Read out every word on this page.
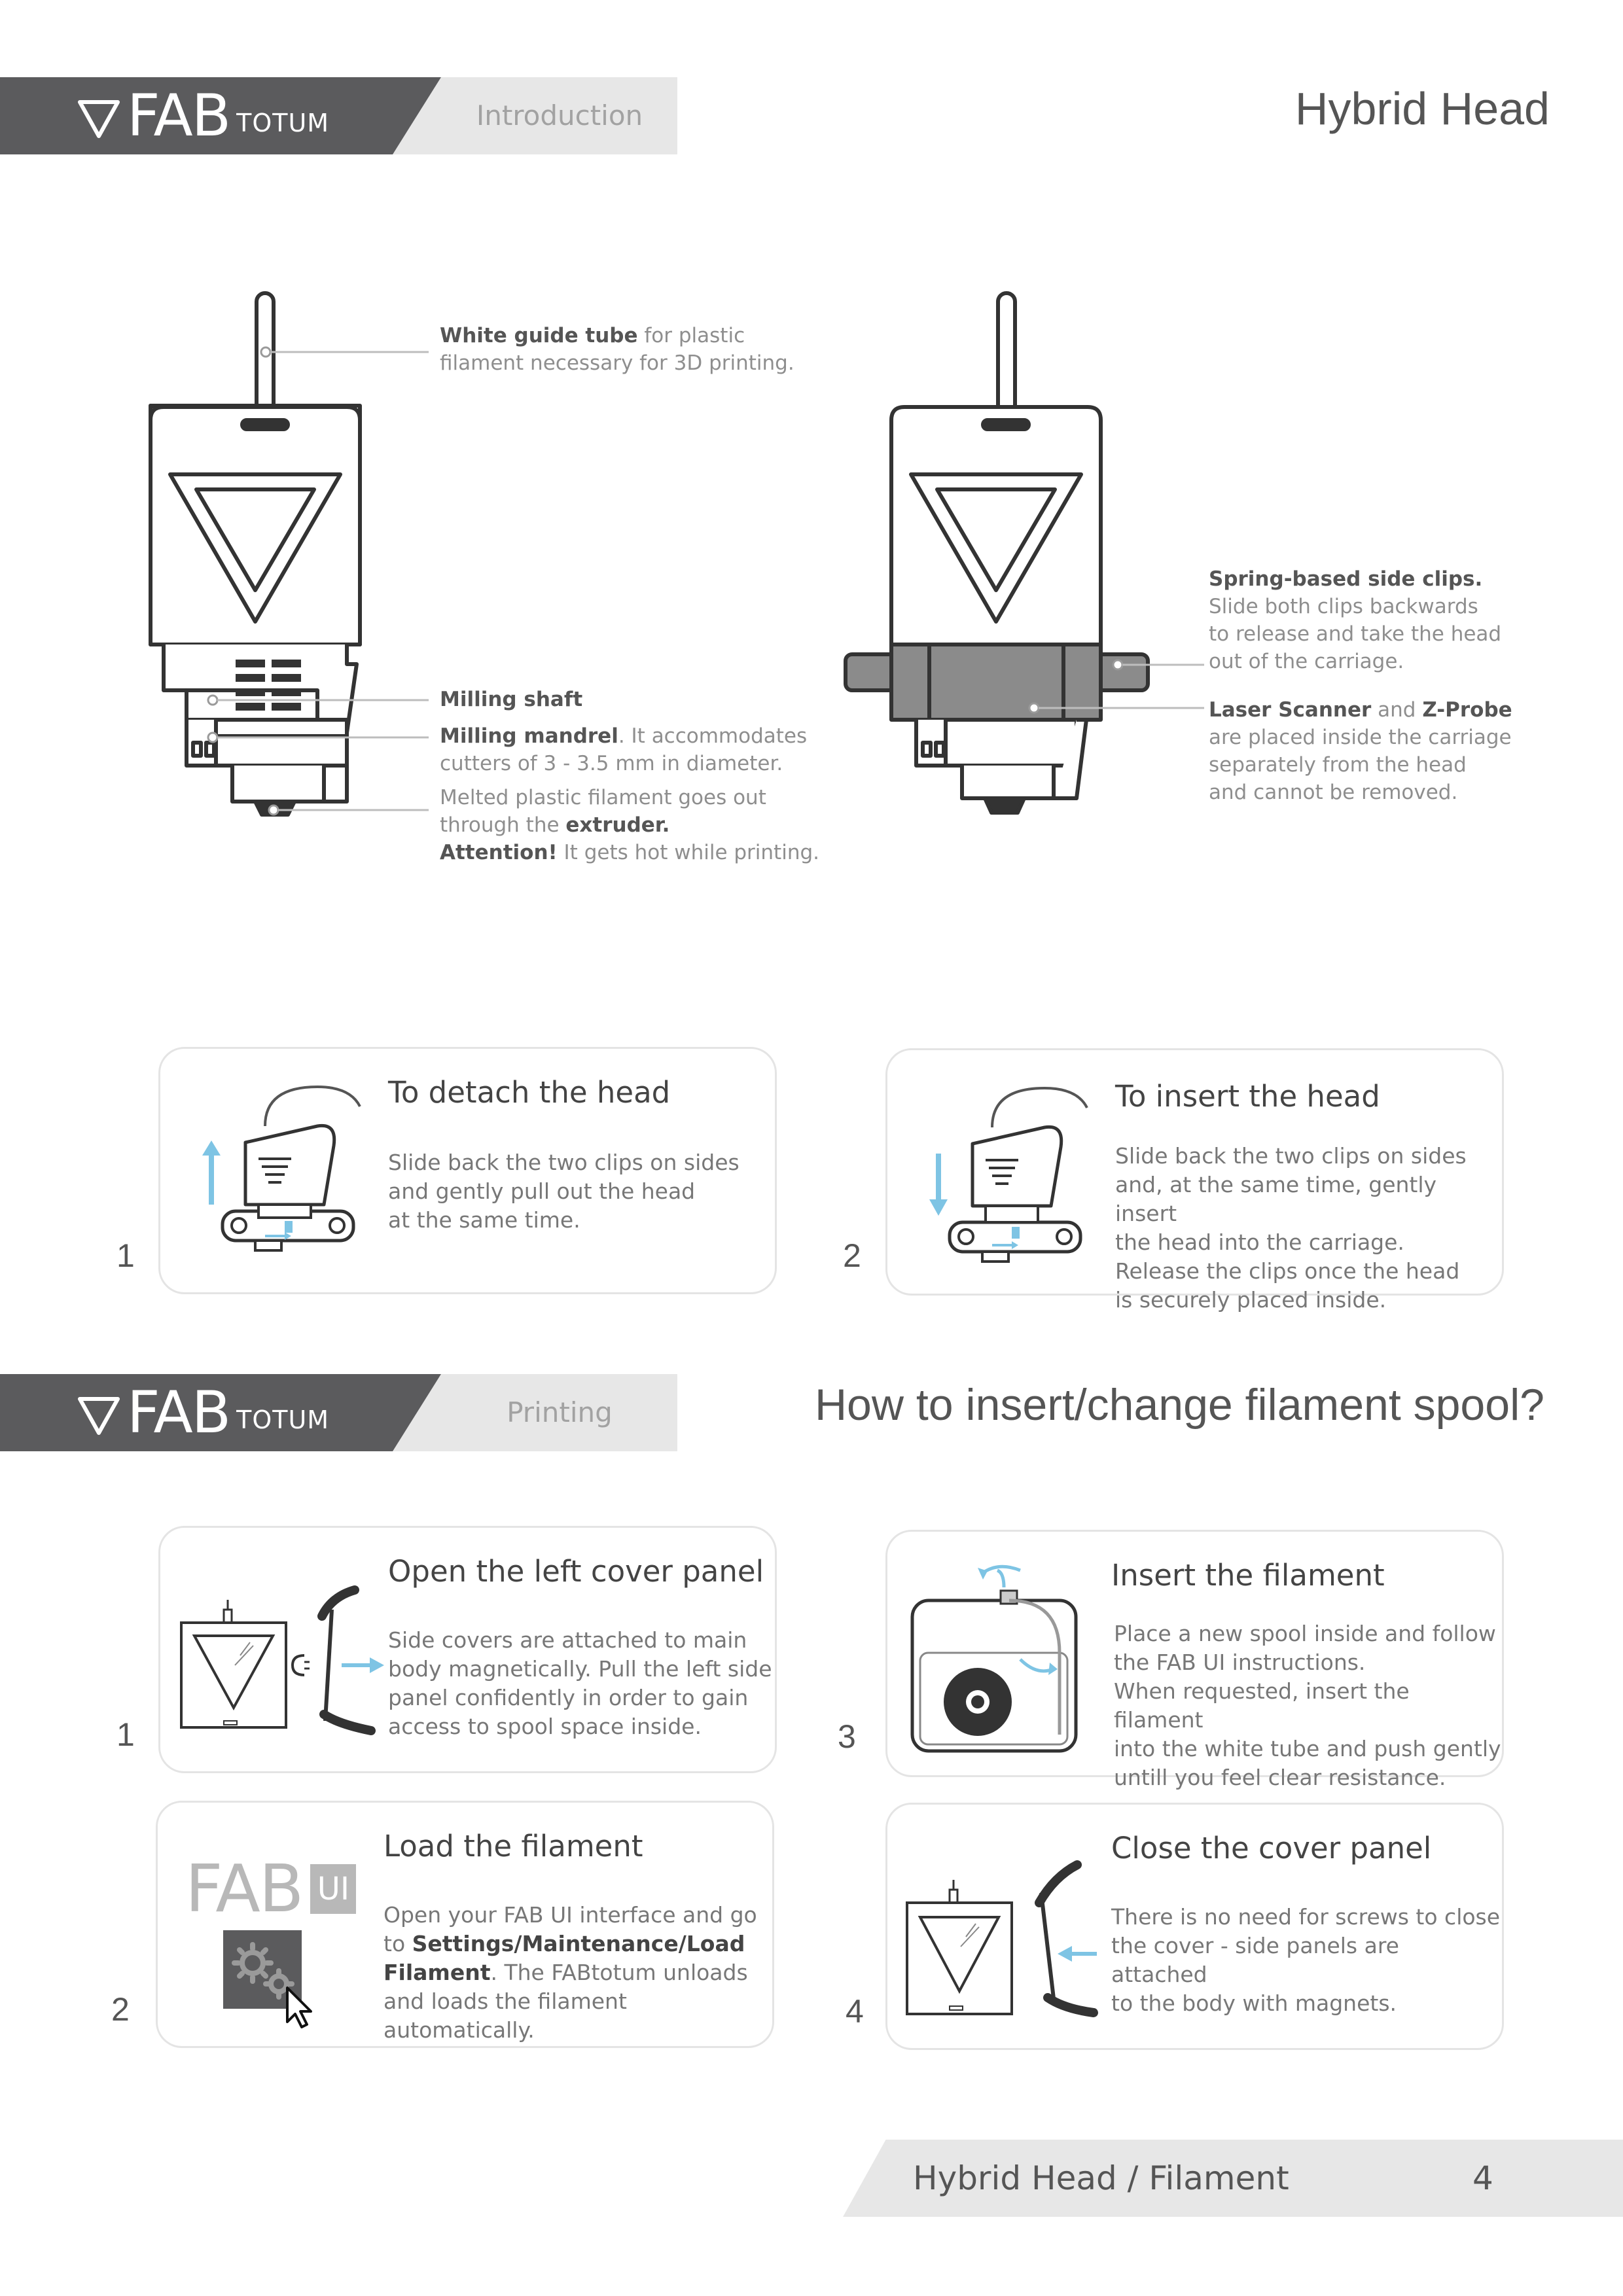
FAB TOTUM	Introduction	Hybrid Head
White guide tube for plastic
filament necessary for 3D printing.
Milling shaft
Milling mandrel. It accommodates
cutters of 3 - 3.5 mm in diameter.
Melted plastic filament goes out
through the extruder.
Attention! It gets hot while printing.
Spring-based side clips.
Slide both clips backwards
to release and take the head
out of the carriage.
Laser Scanner and Z-Probe
are placed inside the carriage
separately from the head
and cannot be removed.
1
To detach the head
Slide back the two clips on sides
and gently pull out the head
at the same time.
2
To insert the head
Slide back the two clips on sides
and, at the same time, gently insert
the head into the carriage.
Release the clips once the head
is securely placed inside.
FAB TOTUM	Printing	How to insert/change filament spool?
1
Open the left cover panel
Side covers are attached to main
body magnetically. Pull the left side
panel confidently in order to gain
access to spool space inside.
2
FAB UI
Load the filament
Open your FAB UI interface and go
to Settings/Maintenance/Load
Filament. The FABtotum unloads
and loads the filament automatically.
3
Insert the filament
Place a new spool inside and follow
the FAB UI instructions.
When requested, insert the filament
into the white tube and push gently
untill you feel clear resistance.
4
Close the cover panel
There is no need for screws to close
the cover - side panels are attached
to the body with magnets.
Hybrid Head / Filament	4
